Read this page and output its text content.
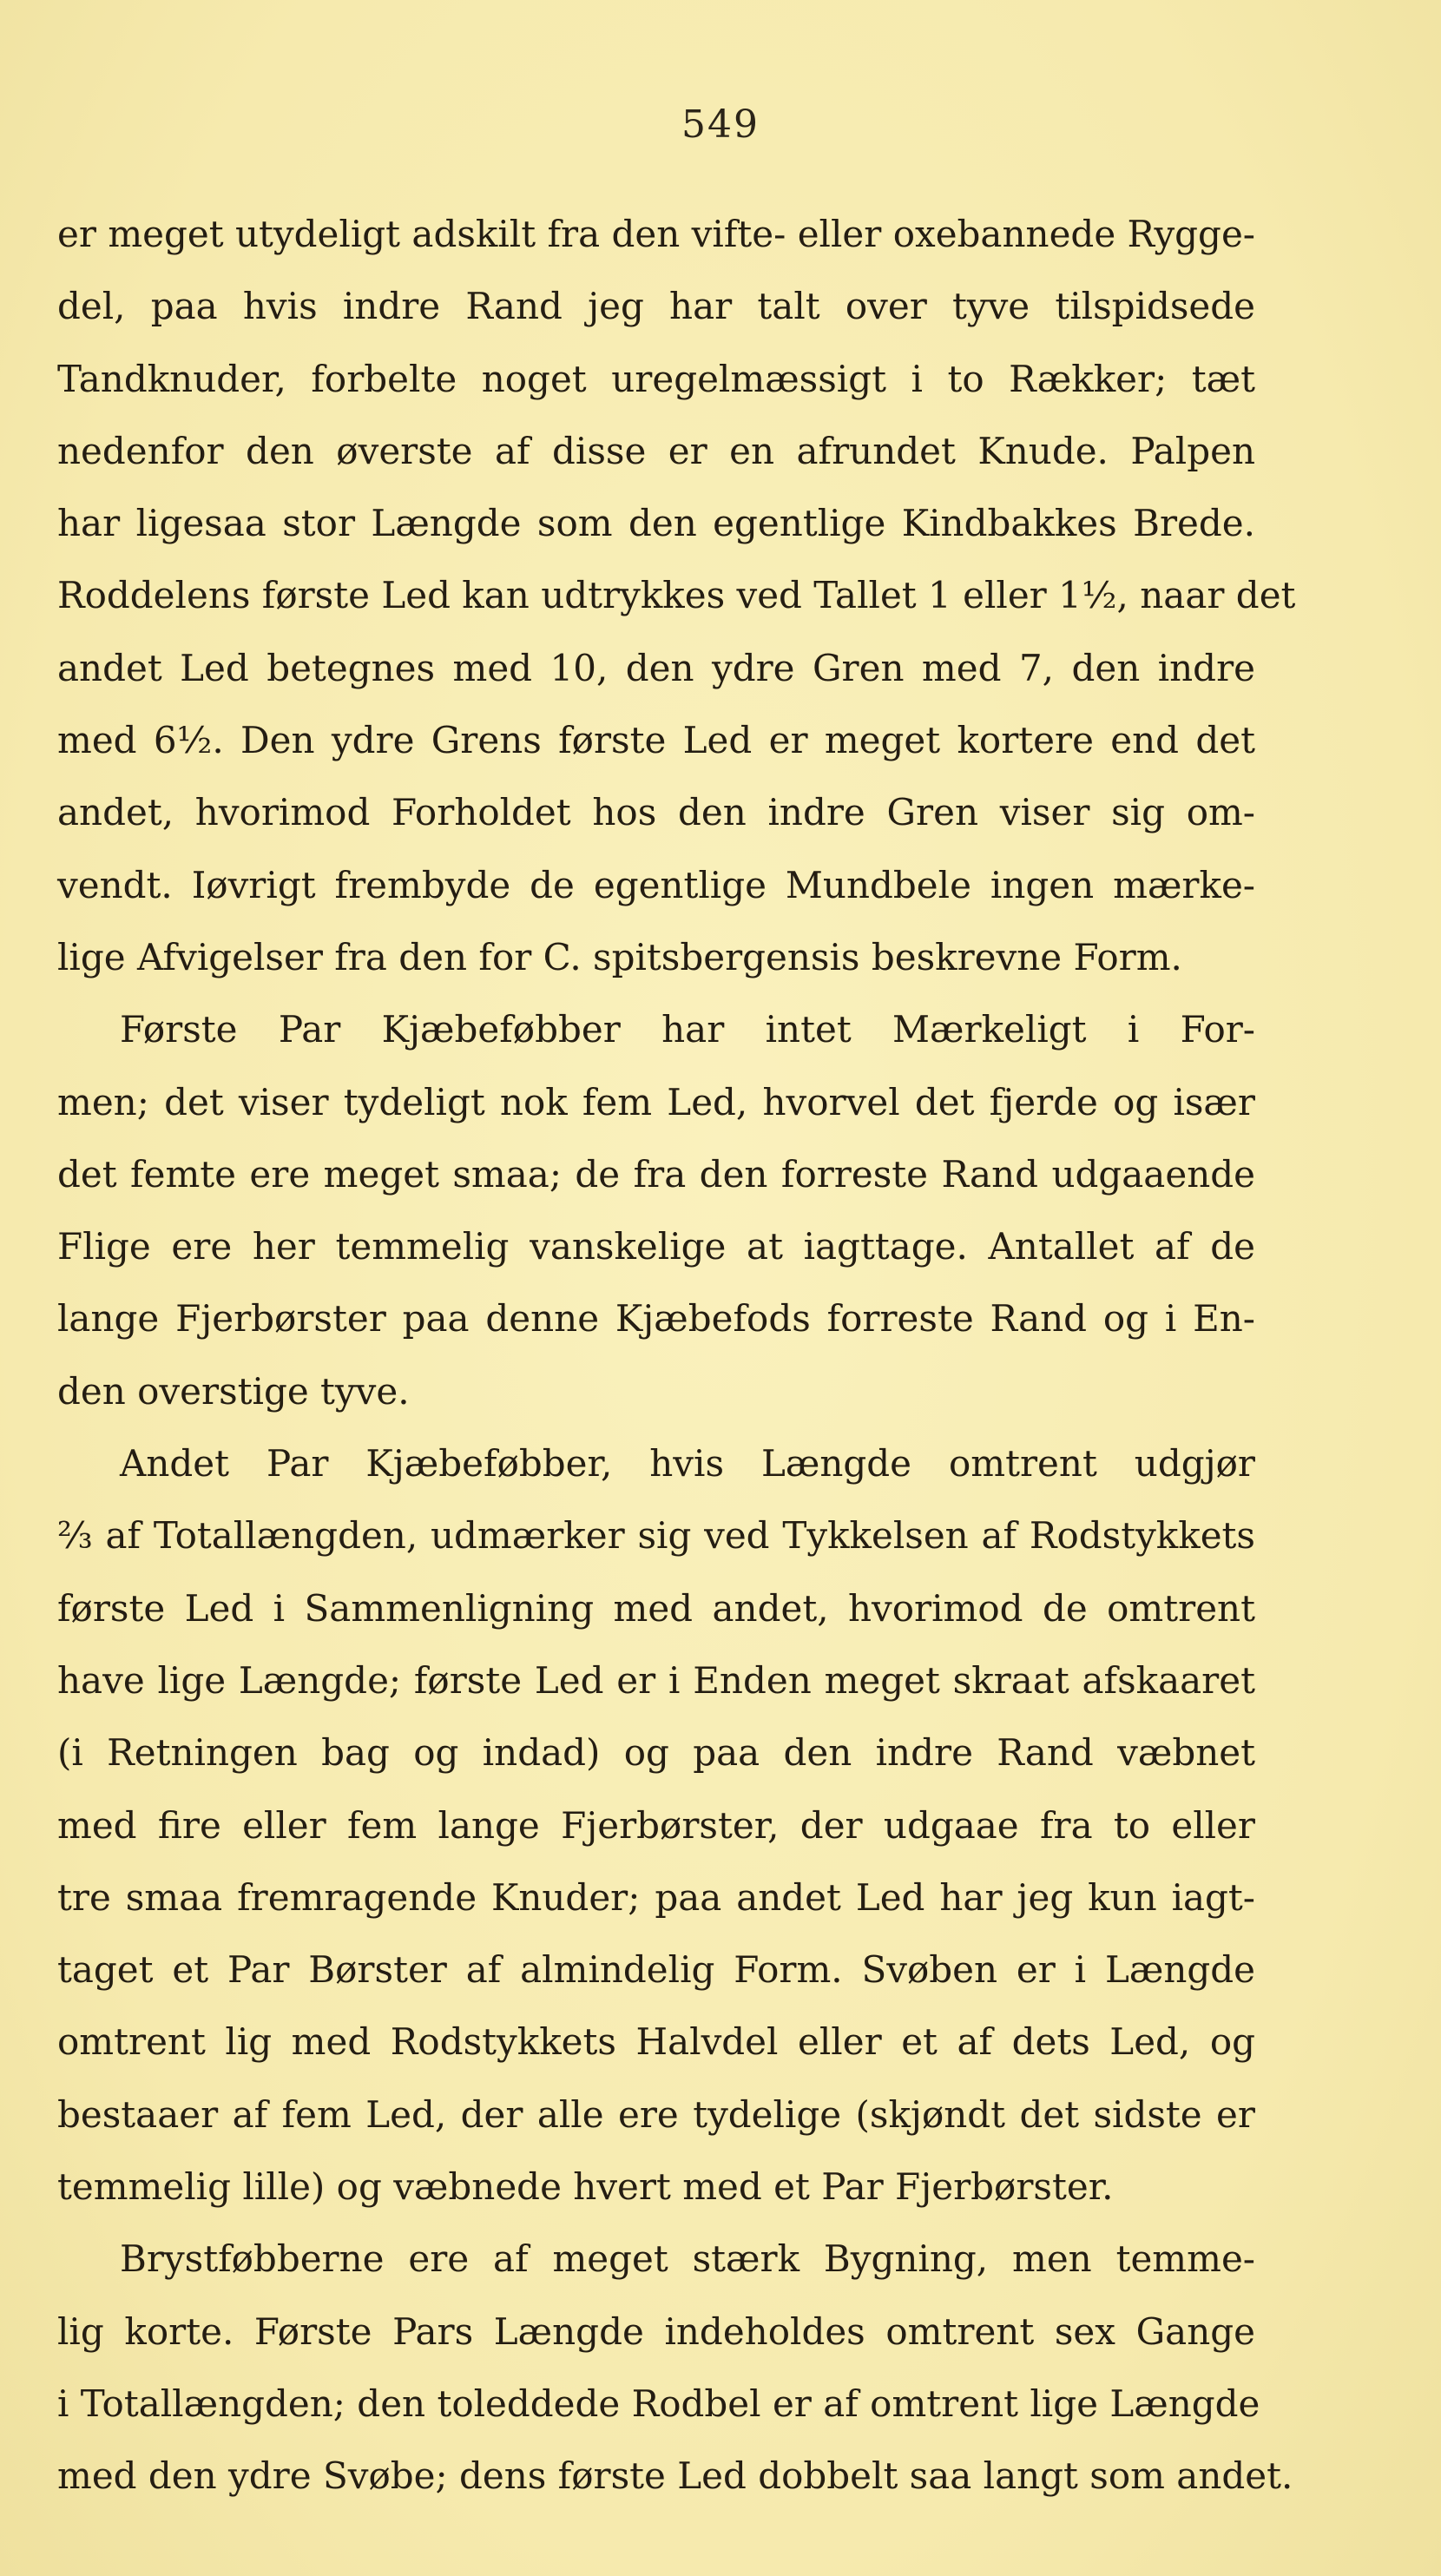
549
er meget utydeligt adskilt fra den vifte- eller oxebannede Rygge-
del, paa hvis indre Rand jeg har talt over tyve tilspidsede
Tandknuder, forbelte noget uregelmæssigt i to Rækker; tæt
nedenfor den øverste af disse er en afrundet Knude. Palpen
har ligesaa stor Længde som den egentlige Kindbakkes Brede.
Roddelens første Led kan udtrykkes ved Tallet 1 eller 1½, naar det
andet Led betegnes med 10, den ydre Gren med 7, den indre
med 6½. Den ydre Grens første Led er meget kortere end det
andet, hvorimod Forholdet hos den indre Gren viser sig om-
vendt. Iøvrigt frembyde de egentlige Mundbele ingen mærke-
lige Afvigelser fra den for C. spitsbergensis beskrevne Form.
Første Par Kjæbeføbber har intet Mærkeligt i For-
men; det viser tydeligt nok fem Led, hvorvel det fjerde og især
det femte ere meget smaa; de fra den forreste Rand udgaaende
Flige ere her temmelig vanskelige at iagttage. Antallet af de
lange Fjerbørster paa denne Kjæbefods forreste Rand og i En-
den overstige tyve.
Andet Par Kjæbeføbber, hvis Længde omtrent udgjør
⅔ af Totallængden, udmærker sig ved Tykkelsen af Rodstykkets
første Led i Sammenligning med andet, hvorimod de omtrent
have lige Længde; første Led er i Enden meget skraat afskaaret
(i Retningen bag og indad) og paa den indre Rand væbnet
med fire eller fem lange Fjerbørster, der udgaae fra to eller
tre smaa fremragende Knuder; paa andet Led har jeg kun iagt-
taget et Par Børster af almindelig Form. Svøben er i Længde
omtrent lig med Rodstykkets Halvdel eller et af dets Led, og
bestaaer af fem Led, der alle ere tydelige (skjøndt det sidste er
temmelig lille) og væbnede hvert med et Par Fjerbørster.
Brystføbberne ere af meget stærk Bygning, men temme-
lig korte. Første Pars Længde indeholdes omtrent sex Gange
i Totallængden; den toleddede Rodbel er af omtrent lige Længde
med den ydre Svøbe; dens første Led dobbelt saa langt som andet.
